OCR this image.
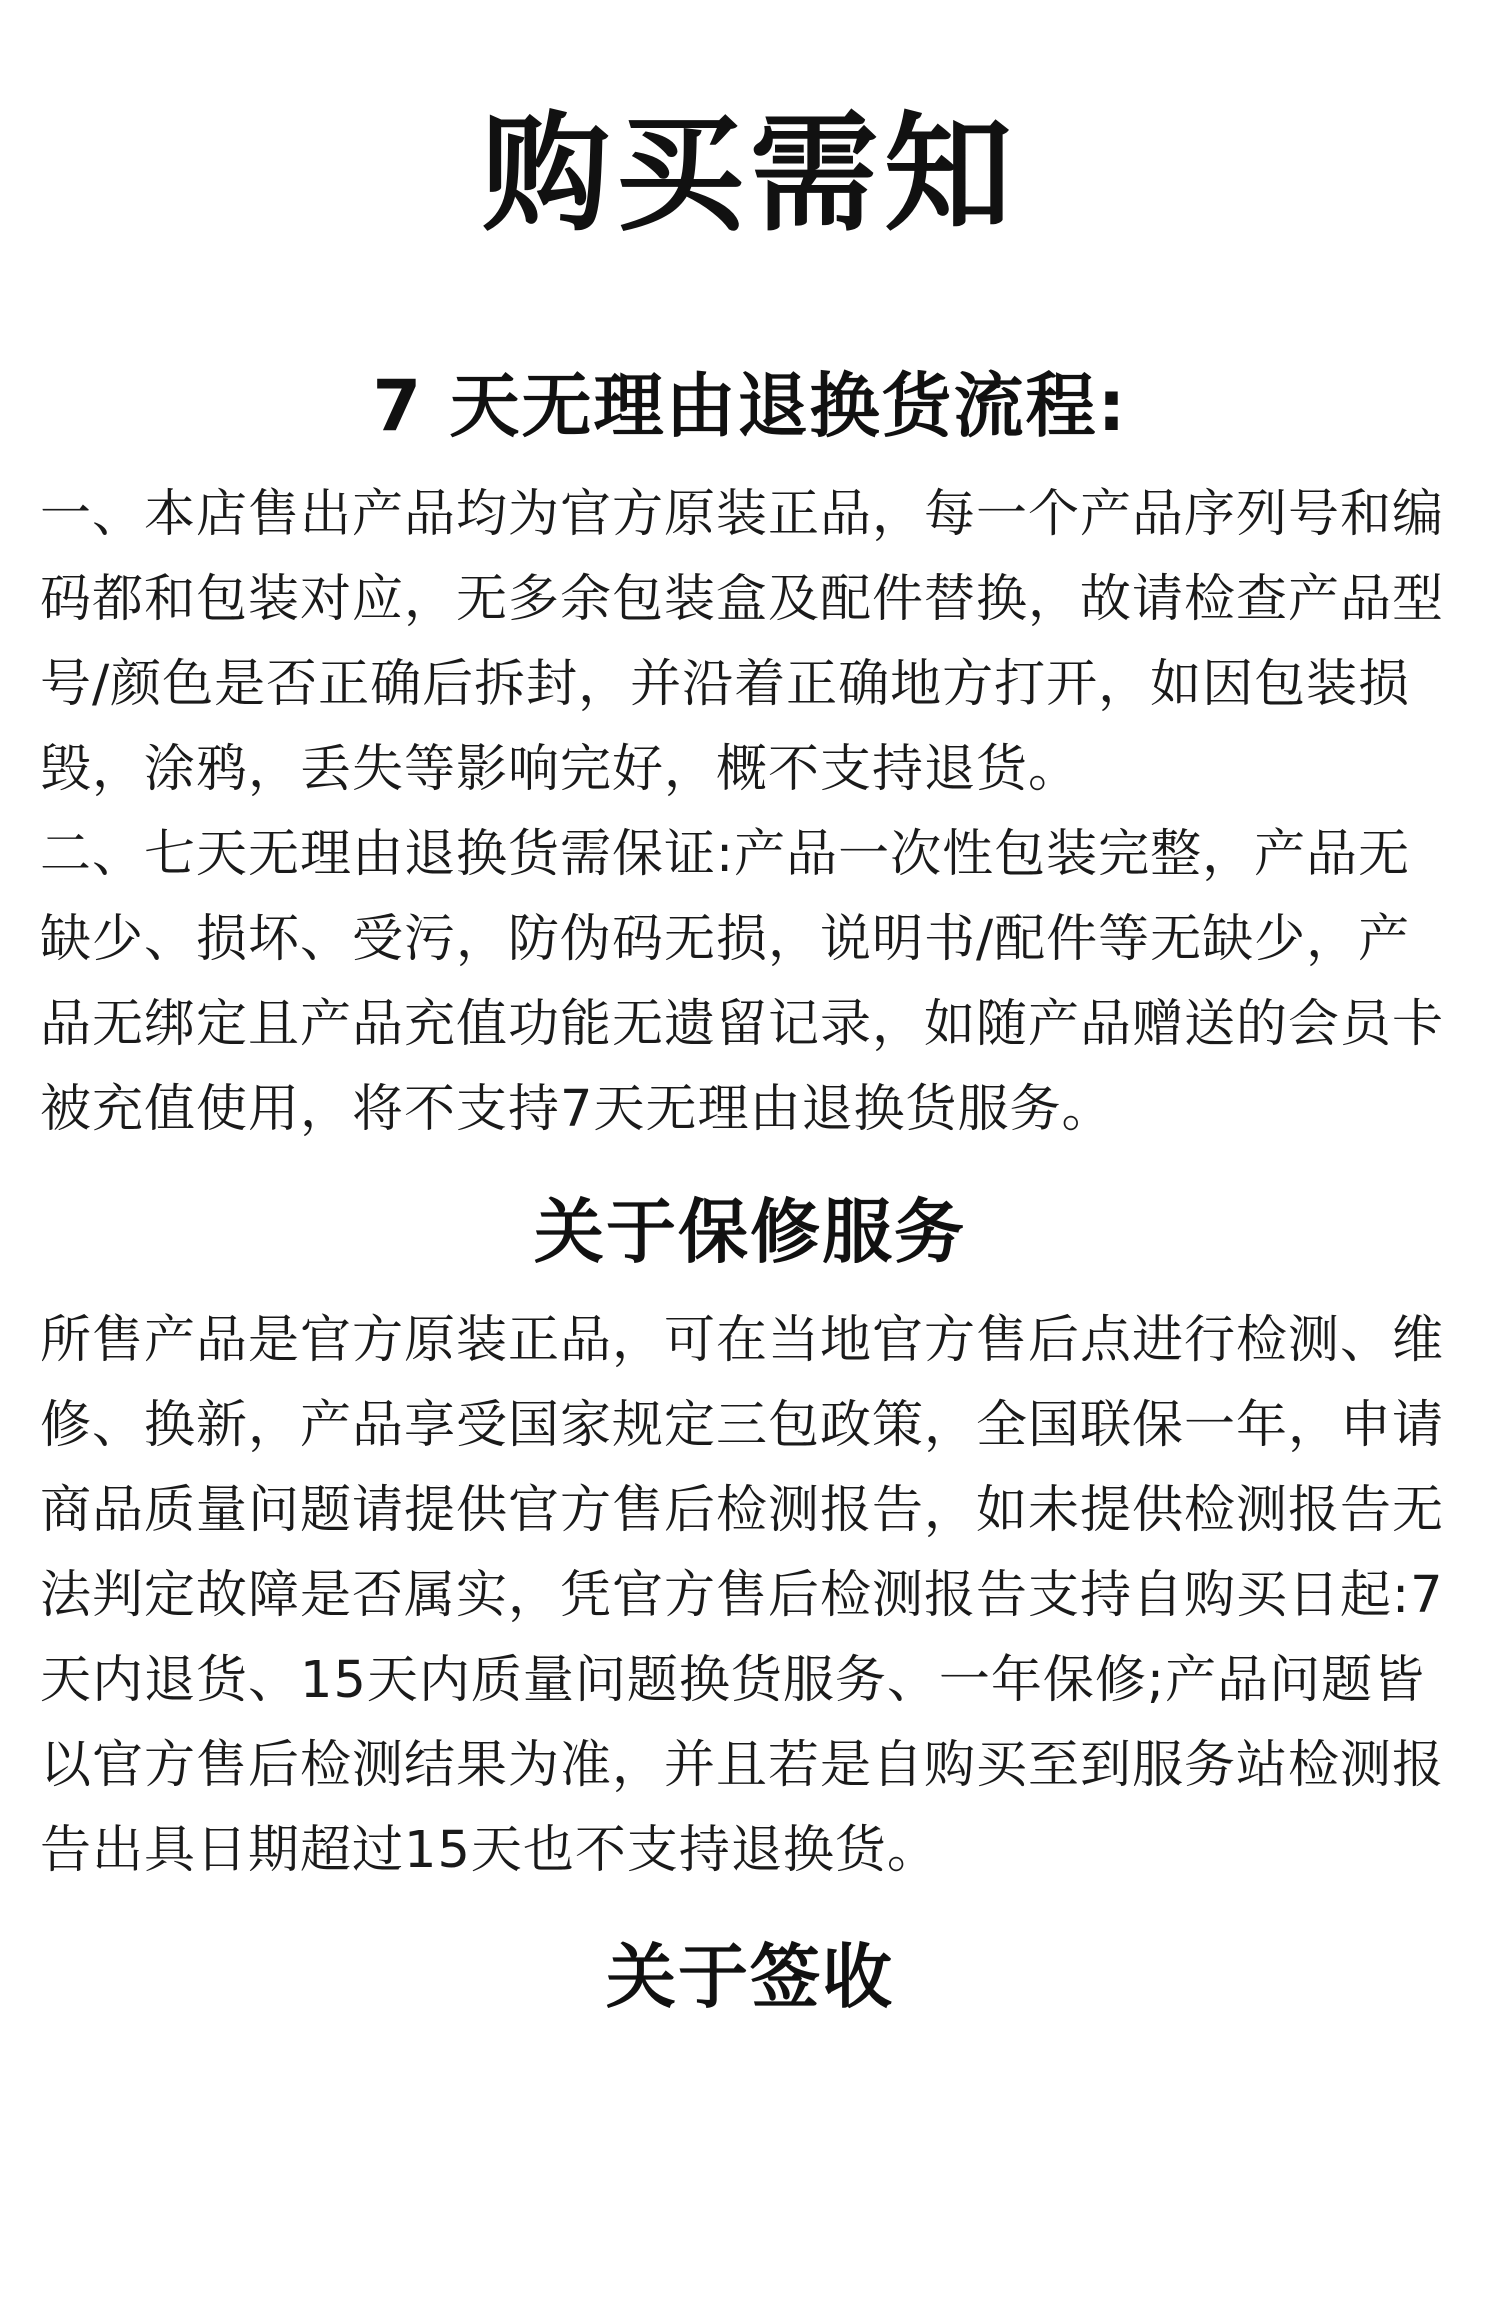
购买需知
7 天无理由退换货流程:

一、本店售出产品均为官方原装正品，每一个产品序列号和编码都和包装对应，无多余包装盒及配件替换，故请检查产品型号/颜色是否正确后拆封，并沿着正确地方打开，如因包装损毁，涂鸦，丢失等影响完好，概不支持退货。

二、七天无理由退换货需保证:产品一次性包装完整，产品无缺少、损坏、受污，防伪码无损，说明书/配件等无缺少，产品无绑定且产品充值功能无遗留记录，如随产品赠送的会员卡被充值使用，将不支持7天无理由退换货服务。

关于保修服务

所售产品是官方原装正品，可在当地官方售后点进行检测、维修、换新，产品享受国家规定三包政策，全国联保一年，申请商品质量问题请提供官方售后检测报告，如未提供检测报告无法判定故障是否属实，凭官方售后检测报告支持自购买日起:7天内退货、15天内质量问题换货服务、一年保修;产品问题皆以官方售后检测结果为准，并且若是自购买至到服务站检测报告出具日期超过15天也不支持退换货。

关于签收
